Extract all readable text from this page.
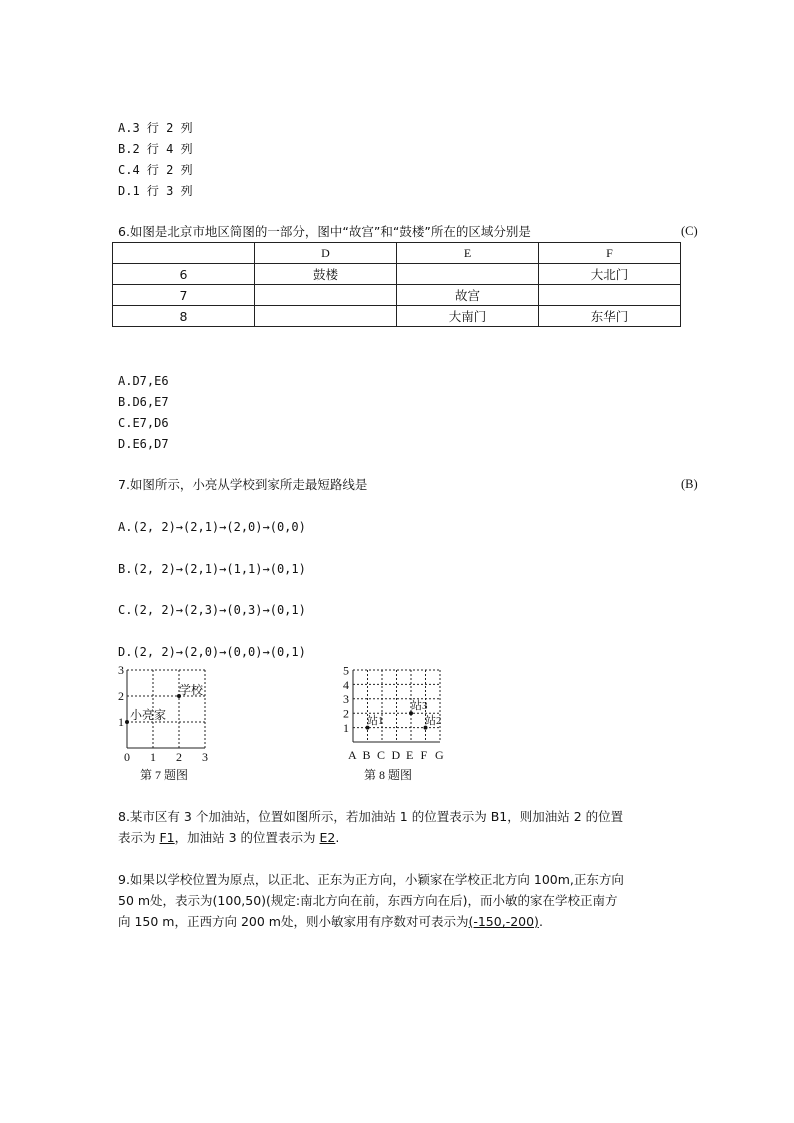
A.3 行 2 列
B.2 行 4 列
C.4 行 2 列
D.1 行 3 列
6.如图是北京市地区简图的一部分，图中“故宫”和“鼓楼”所在的区域分别是	(C)
	D	E	F
6	鼓楼		大北门
7		故宫	
8		大南门	东华门
A.D7,E6
B.D6,E7
C.E7,D6
D.E6,D7
7.如图所示，小亮从学校到家所走最短路线是	(B)
A.(2, 2)→(2,1)→(2,0)→(0,0)
B.(2, 2)→(2,1)→(1,1)→(0,1)
C.(2, 2)→(2,3)→(0,3)→(0,1)
D.(2, 2)→(2,0)→(0,0)→(0,1)
0 1 2 3
1
2
3
学校
小亮家
第 7 题图
A B C D E F G
1
2
3
4
5
站1	站2
站3
第 8 题图
8.某市区有 3 个加油站，位置如图所示，若加油站 1 的位置表示为 B1，则加油站 2 的位置
表示为 F1，加油站 3 的位置表示为 E2.
9.如果以学校位置为原点，以正北、正东为正方向，小颖家在学校正北方向 100m,正东方向
50 m处，表示为(100,50)(规定:南北方向在前，东西方向在后)，而小敏的家在学校正南方
向 150 m，正西方向 200 m处，则小敏家用有序数对可表示为(-150,-200).
